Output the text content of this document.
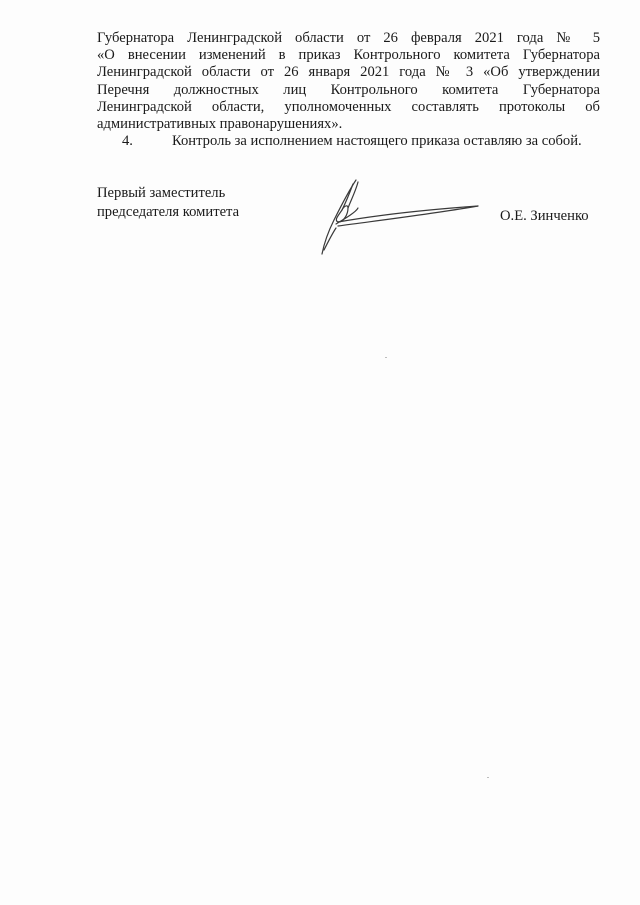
Губернатора Ленинградской области от 26 февраля 2021 года № 5
«О внесении изменений в приказ Контрольного комитета Губернатора
Ленинградской области от 26 января 2021 года № 3 «Об утверждении
Перечня должностных лиц Контрольного комитета Губернатора
Ленинградской области, уполномоченных составлять протоколы об
административных правонарушениях».
4.	Контроль за исполнением настоящего приказа оставляю за собой.
Первый заместитель
председателя комитета	О.Е. Зинченко
